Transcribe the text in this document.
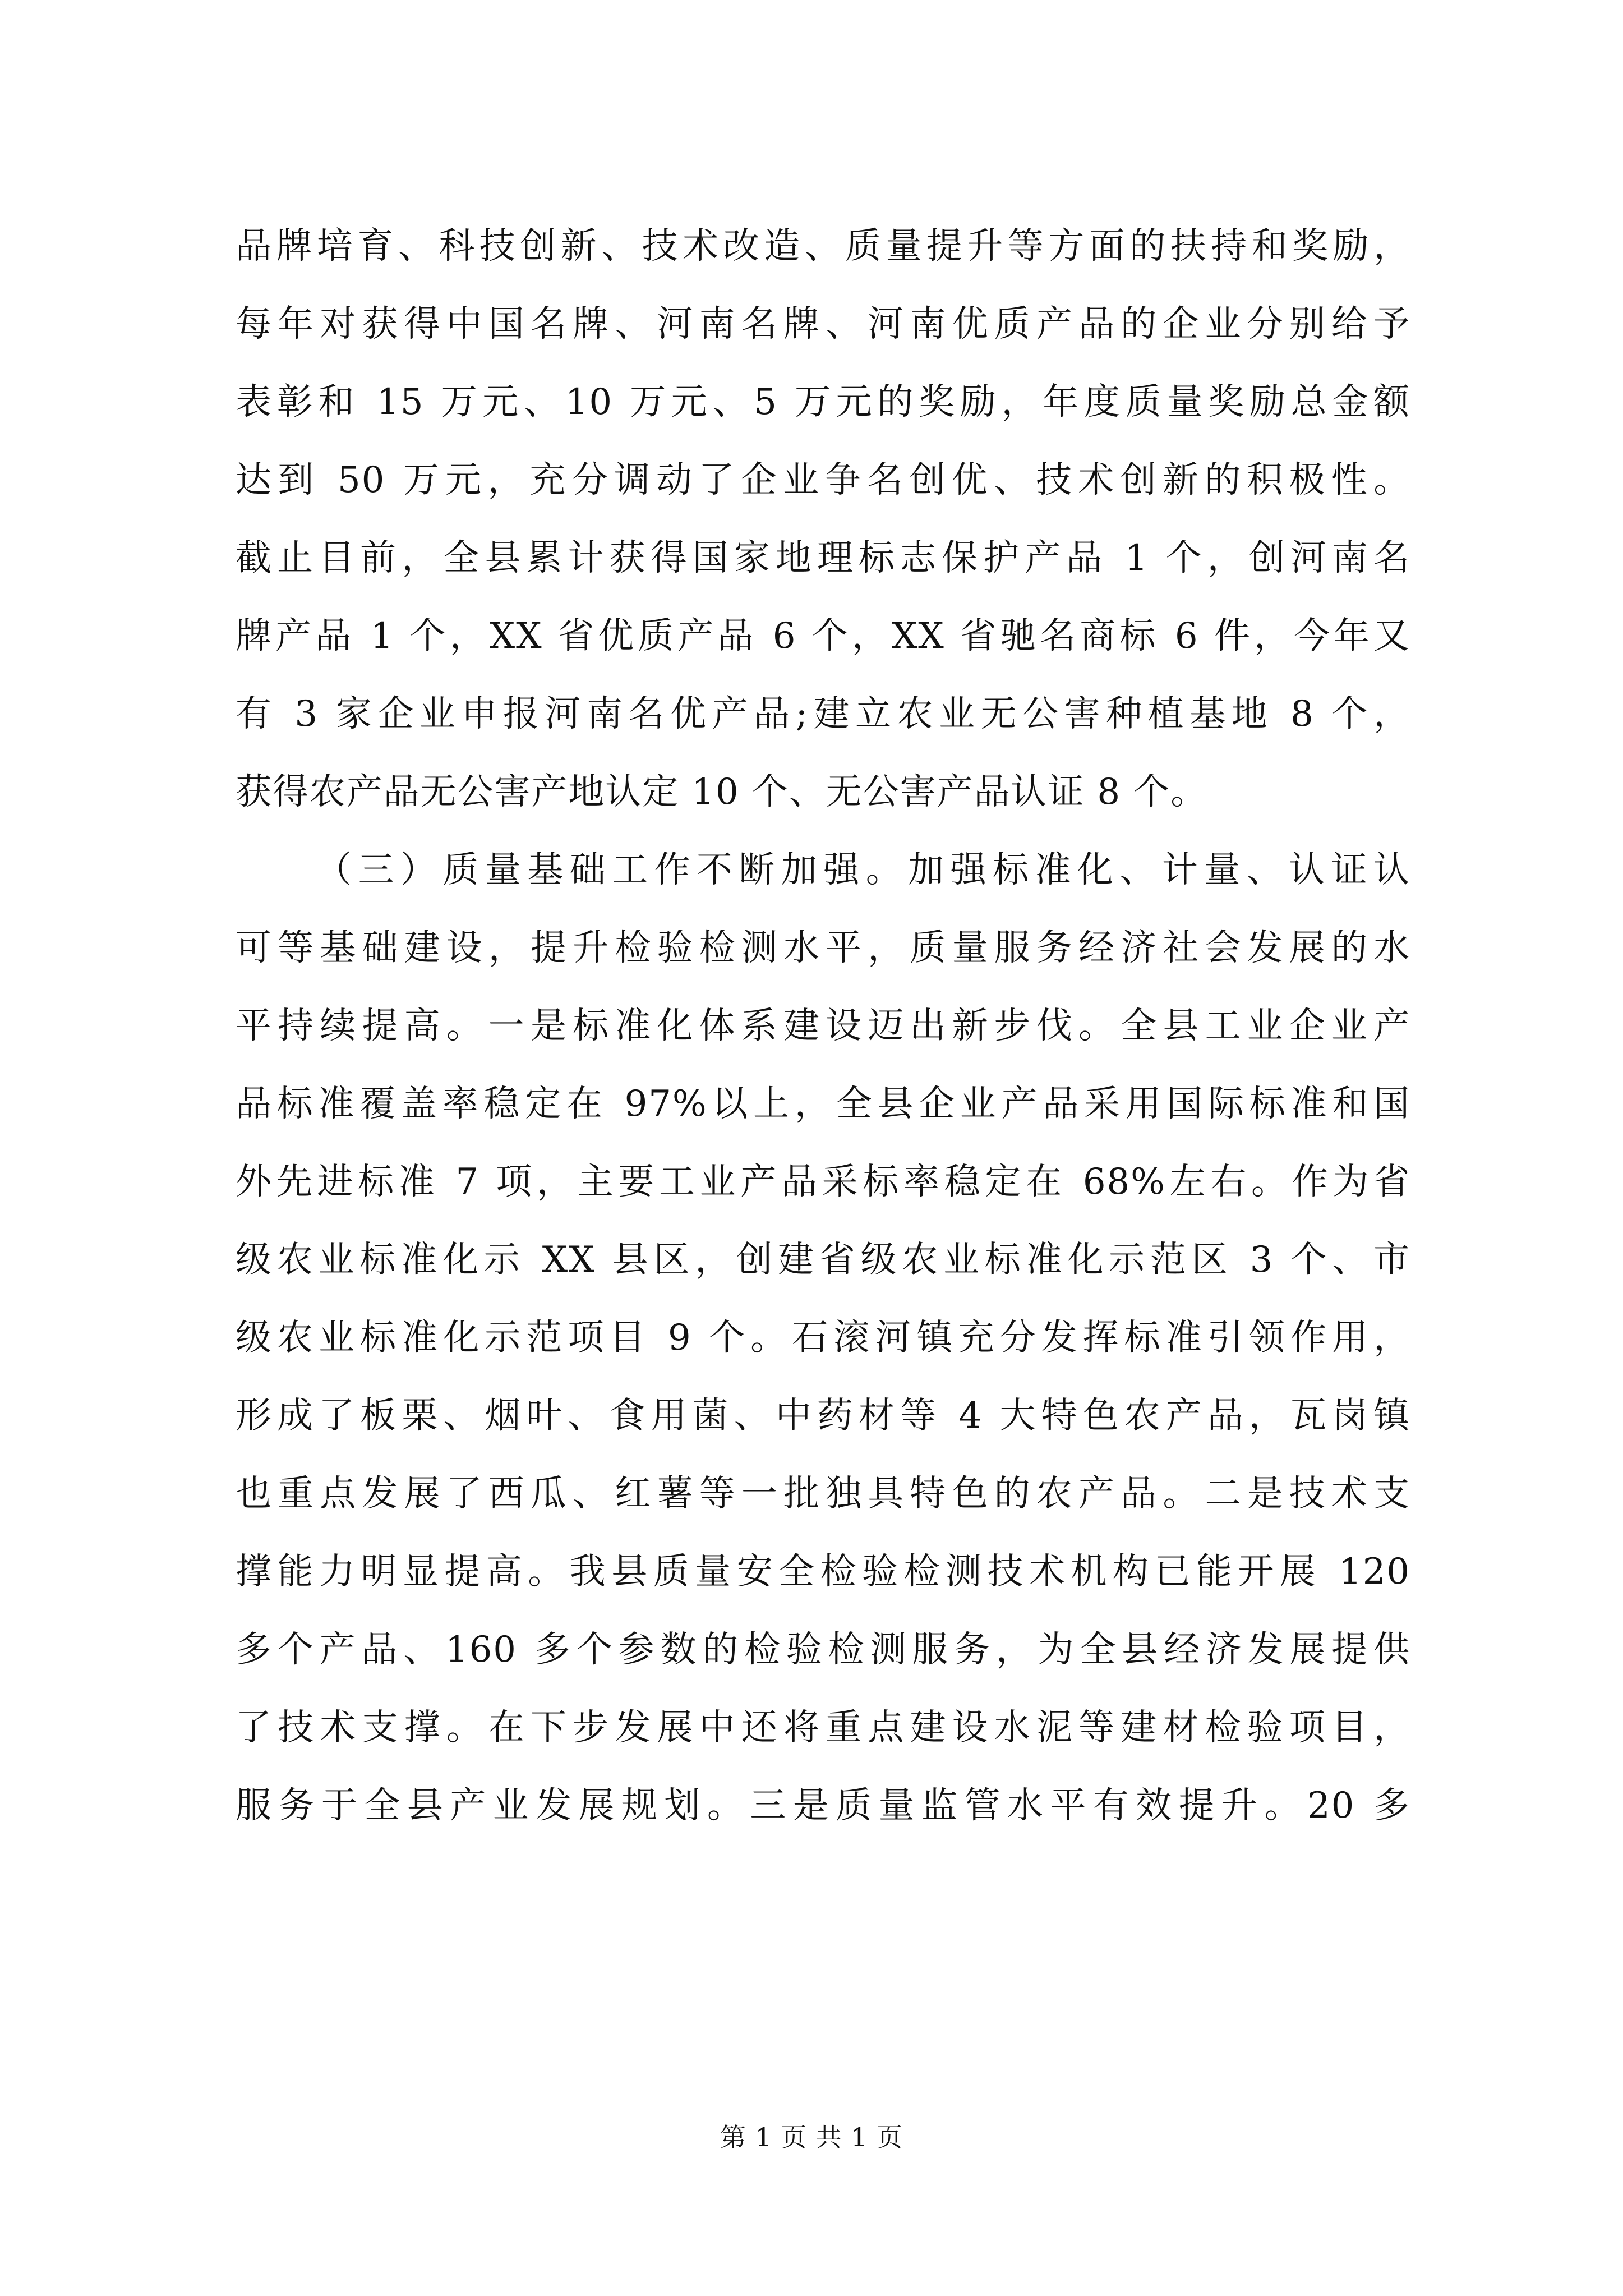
品牌培育、科技创新、技术改造、质量提升等方面的扶持和奖励，
每年对获得中国名牌、河南名牌、河南优质产品的企业分别给予
表彰和 15 万元、10 万元、5 万元的奖励，年度质量奖励总金额
达到 50 万元，充分调动了企业争名创优、技术创新的积极性。
截止目前，全县累计获得国家地理标志保护产品 1 个，创河南名
牌产品 1 个，XX 省优质产品 6 个，XX 省驰名商标 6 件，今年又
有 3 家企业申报河南名优产品;建立农业无公害种植基地 8 个，
获得农产品无公害产地认定 10 个、无公害产品认证 8 个。
（三）质量基础工作不断加强。加强标准化、计量、认证认
可等基础建设，提升检验检测水平，质量服务经济社会发展的水
平持续提高。一是标准化体系建设迈出新步伐。全县工业企业产
品标准覆盖率稳定在 97%以上，全县企业产品采用国际标准和国
外先进标准 7 项，主要工业产品采标率稳定在 68%左右。作为省
级农业标准化示 XX 县区，创建省级农业标准化示范区 3 个、市
级农业标准化示范项目 9 个。石滚河镇充分发挥标准引领作用，
形成了板栗、烟叶、食用菌、中药材等 4 大特色农产品，瓦岗镇
也重点发展了西瓜、红薯等一批独具特色的农产品。二是技术支
撑能力明显提高。我县质量安全检验检测技术机构已能开展 120
多个产品、160 多个参数的检验检测服务，为全县经济发展提供
了技术支撑。在下步发展中还将重点建设水泥等建材检验项目，
服务于全县产业发展规划。三是质量监管水平有效提升。20 多
第 1 页 共 1 页
